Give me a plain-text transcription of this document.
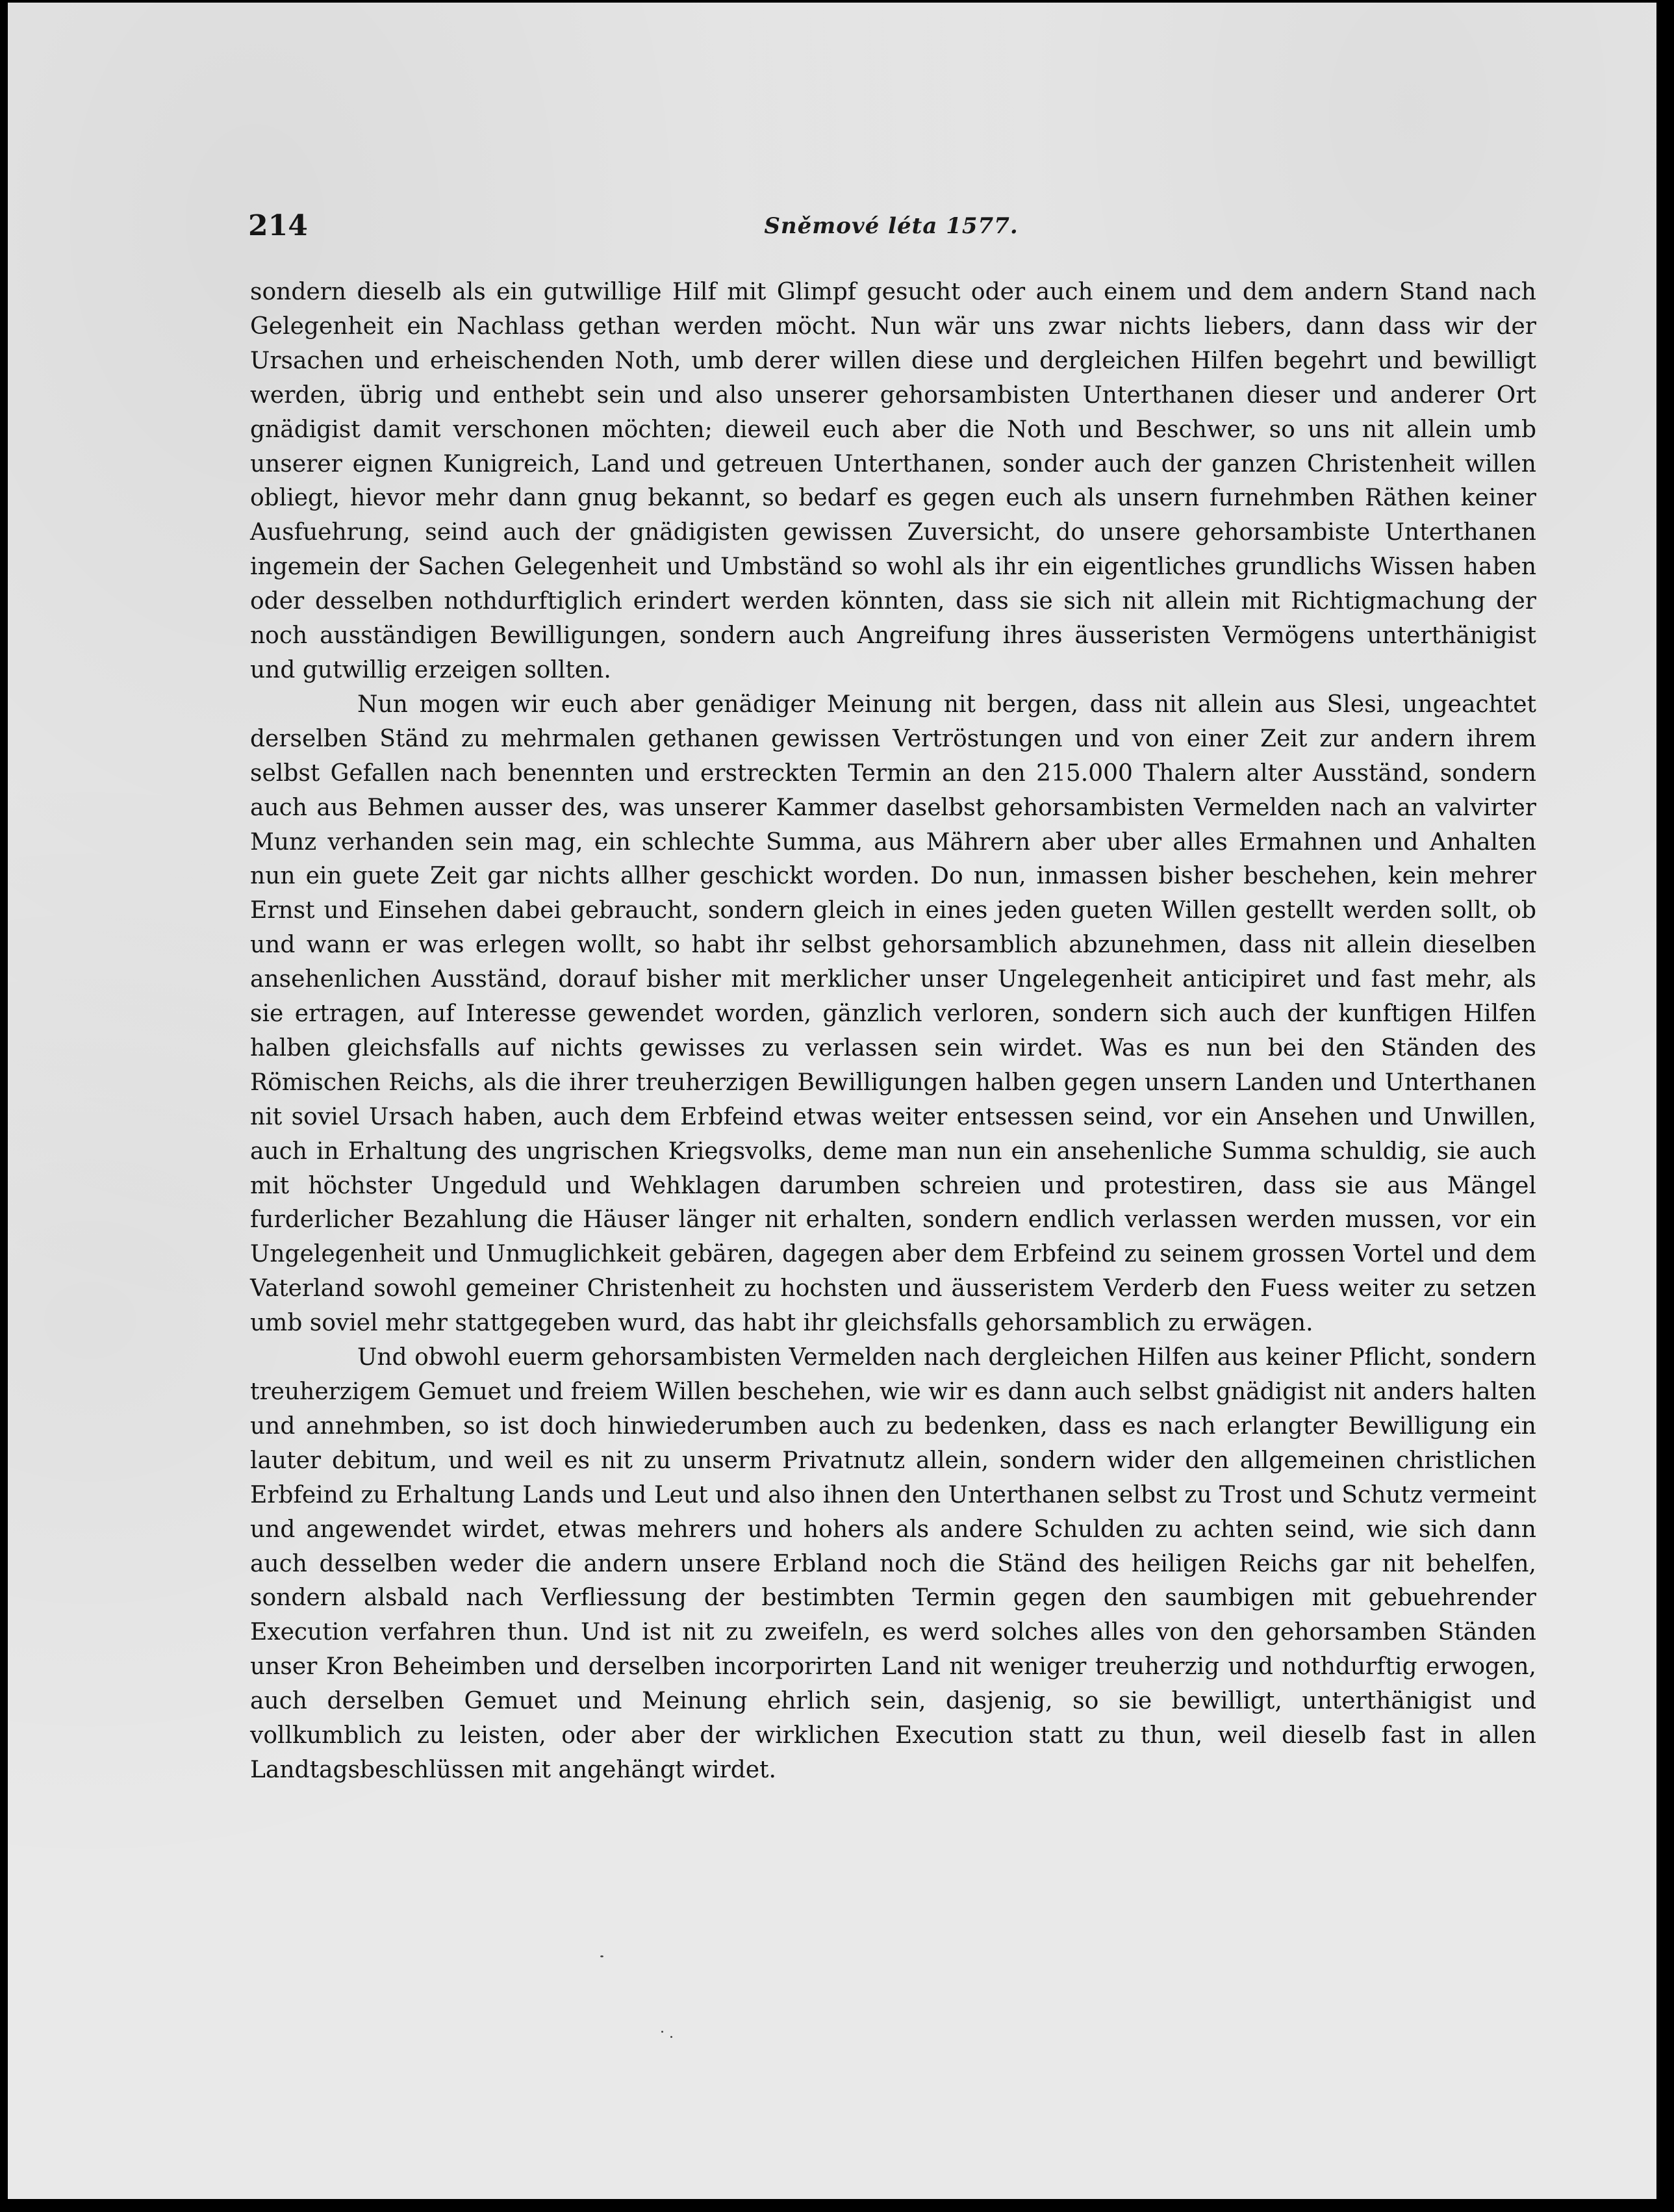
214	Sněmové léta 1577.

sondern dieselb als ein gutwillige Hilf mit Glimpf gesucht oder auch einem und dem andern Stand nach Gelegenheit ein Nachlass gethan werden möcht. Nun wär uns zwar nichts liebers, dann dass wir der Ursachen und erheischenden Noth, umb derer willen diese und dergleichen Hilfen begehrt und bewilligt werden, übrig und enthebt sein und also unserer gehorsambisten Unterthanen dieser und anderer Ort gnädigist damit verschonen möchten; dieweil euch aber die Noth und Beschwer, so uns nit allein umb unserer eignen Kunigreich, Land und getreuen Unterthanen, sonder auch der ganzen Christenheit willen obliegt, hievor mehr dann gnug bekannt, so bedarf es gegen euch als unsern furnehmben Räthen keiner Ausfuehrung, seind auch der gnädigisten gewissen Zuversicht, do unsere gehorsambiste Unterthanen ingemein der Sachen Gelegenheit und Umbständ so wohl als ihr ein eigentliches grundlichs Wissen haben oder desselben nothdurftiglich erindert werden könnten, dass sie sich nit allein mit Richtigmachung der noch ausständigen Bewilligungen, sondern auch Angreifung ihres äusseristen Vermögens unterthänigist und gutwillig erzeigen sollten.

Nun mogen wir euch aber genädiger Meinung nit bergen, dass nit allein aus Slesi, ungeachtet derselben Ständ zu mehrmalen gethanen gewissen Vertröstungen und von einer Zeit zur andern ihrem selbst Gefallen nach benennten und erstreckten Termin an den 215.000 Thalern alter Ausständ, sondern auch aus Behmen ausser des, was unserer Kammer daselbst gehorsambisten Vermelden nach an valvirter Munz verhanden sein mag, ein schlechte Summa, aus Mährern aber uber alles Ermahnen und Anhalten nun ein guete Zeit gar nichts allher geschickt worden. Do nun, inmassen bisher beschehen, kein mehrer Ernst und Einsehen dabei gebraucht, sondern gleich in eines jeden gueten Willen gestellt werden sollt, ob und wann er was erlegen wollt, so habt ihr selbst gehorsamblich abzunehmen, dass nit allein dieselben ansehenlichen Ausständ, dorauf bisher mit merklicher unser Ungelegenheit anticipiret und fast mehr, als sie ertragen, auf Interesse gewendet worden, gänzlich verloren, sondern sich auch der kunftigen Hilfen halben gleichsfalls auf nichts gewisses zu verlassen sein wirdet. Was es nun bei den Ständen des Römischen Reichs, als die ihrer treuherzigen Bewilligungen halben gegen unsern Landen und Unterthanen nit soviel Ursach haben, auch dem Erbfeind etwas weiter entsessen seind, vor ein Ansehen und Unwillen, auch in Erhaltung des ungrischen Kriegsvolks, deme man nun ein ansehenliche Summa schuldig, sie auch mit höchster Ungeduld und Wehklagen darumben schreien und protestiren, dass sie aus Mängel furderlicher Bezahlung die Häuser länger nit erhalten, sondern endlich verlassen werden mussen, vor ein Ungelegenheit und Unmuglichkeit gebären, dagegen aber dem Erbfeind zu seinem grossen Vortel und dem Vaterland sowohl gemeiner Christenheit zu hochsten und äusseristem Verderb den Fuess weiter zu setzen umb soviel mehr stattgegeben wurd, das habt ihr gleichsfalls gehorsamblich zu erwägen.

Und obwohl euerm gehorsambisten Vermelden nach dergleichen Hilfen aus keiner Pflicht, sondern treuherzigem Gemuet und freiem Willen beschehen, wie wir es dann auch selbst gnädigist nit anders halten und annehmben, so ist doch hinwiederumben auch zu bedenken, dass es nach erlangter Bewilligung ein lauter debitum, und weil es nit zu unserm Privatnutz allein, sondern wider den allgemeinen christlichen Erbfeind zu Erhaltung Lands und Leut und also ihnen den Unterthanen selbst zu Trost und Schutz vermeint und angewendet wirdet, etwas mehrers und hohers als andere Schulden zu achten seind, wie sich dann auch desselben weder die andern unsere Erbland noch die Ständ des heiligen Reichs gar nit behelfen, sondern alsbald nach Verfliessung der bestimbten Termin gegen den saumbigen mit gebuehrender Execution verfahren thun. Und ist nit zu zweifeln, es werd solches alles von den gehorsamben Ständen unser Kron Beheimben und derselben incorporirten Land nit weniger treuherzig und nothdurftig erwogen, auch derselben Gemuet und Meinung ehrlich sein, dasjenig, so sie bewilligt, unterthänigist und vollkumblich zu leisten, oder aber der wirklichen Execution statt zu thun, weil dieselb fast in allen Landtagsbeschlüssen mit angehängt wirdet.
